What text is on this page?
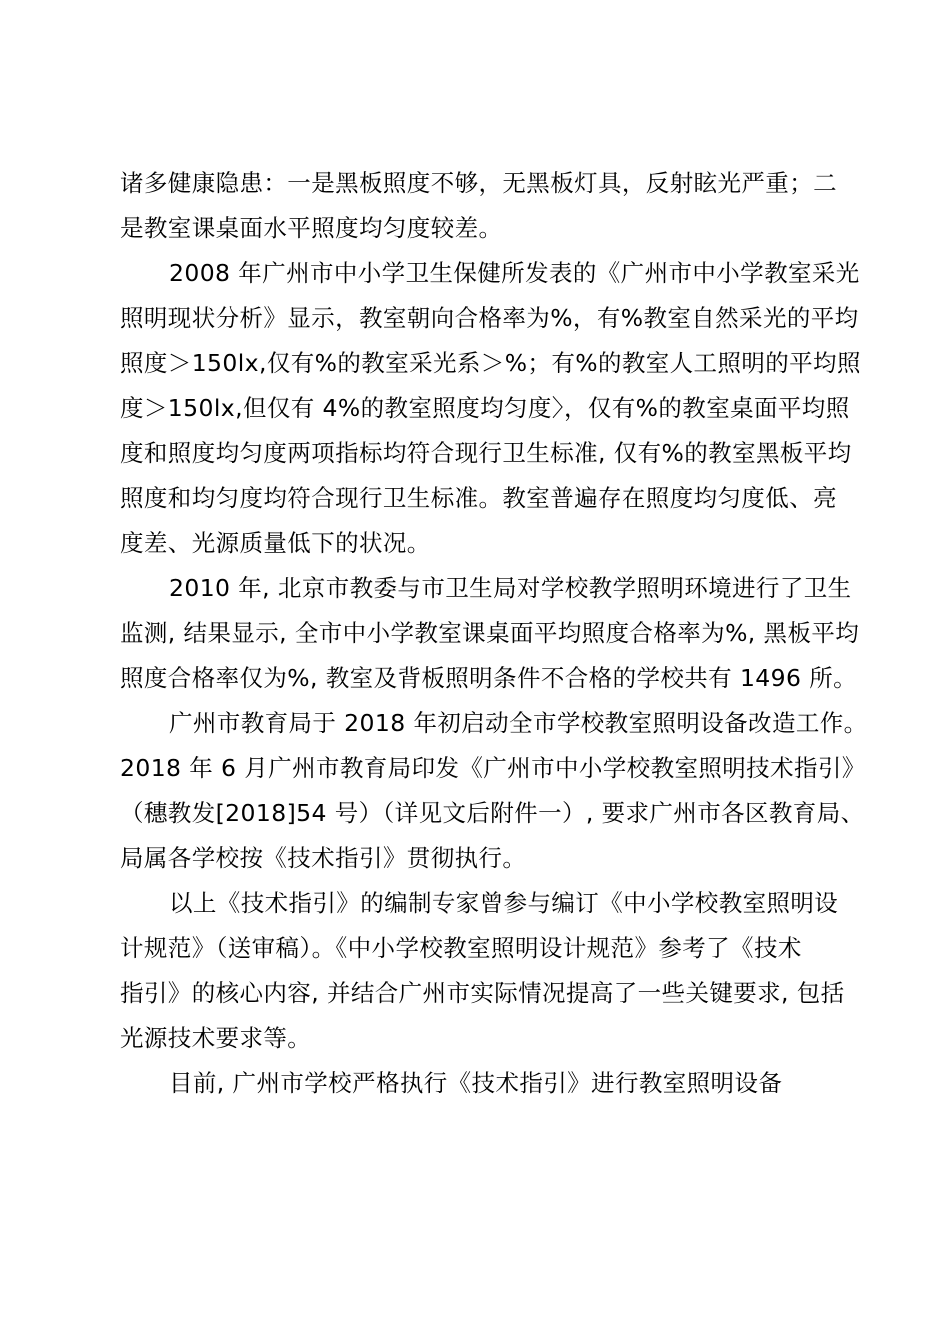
诸多健康隐患：一是黑板照度不够，无黑板灯具，反射眩光严重；二
是教室课桌面水平照度均匀度较差。
2008 年广州市中小学卫生保健所发表的《广州市中小学教室采光
照明现状分析》显示，教室朝向合格率为%，有%教室自然采光的平均
照度＞150lx,仅有%的教室采光系＞%；有%的教室人工照明的平均照
度＞150lx,但仅有 4%的教室照度均匀度〉，仅有%的教室桌面平均照
度和照度均匀度两项指标均符合现行卫生标准, 仅有%的教室黑板平均
照度和均匀度均符合现行卫生标准。教室普遍存在照度均匀度低、亮
度差、光源质量低下的状况。
2010 年, 北京市教委与市卫生局对学校教学照明环境进行了卫生
监测, 结果显示, 全市中小学教室课桌面平均照度合格率为%, 黑板平均
照度合格率仅为%, 教室及背板照明条件不合格的学校共有 1496 所。
广州市教育局于 2018 年初启动全市学校教室照明设备改造工作。
2018 年 6 月广州市教育局印发《广州市中小学校教室照明技术指引》
（穗教发[2018]54 号）（详见文后附件一）, 要求广州市各区教育局、
局属各学校按《技术指引》贯彻执行。
以上《技术指引》的编制专家曾参与编订《中小学校教室照明设
计规范》（送审稿）。《中小学校教室照明设计规范》参考了《技术
指引》的核心内容, 并结合广州市实际情况提高了一些关键要求, 包括
光源技术要求等。
目前, 广州市学校严格执行《技术指引》进行教室照明设备
